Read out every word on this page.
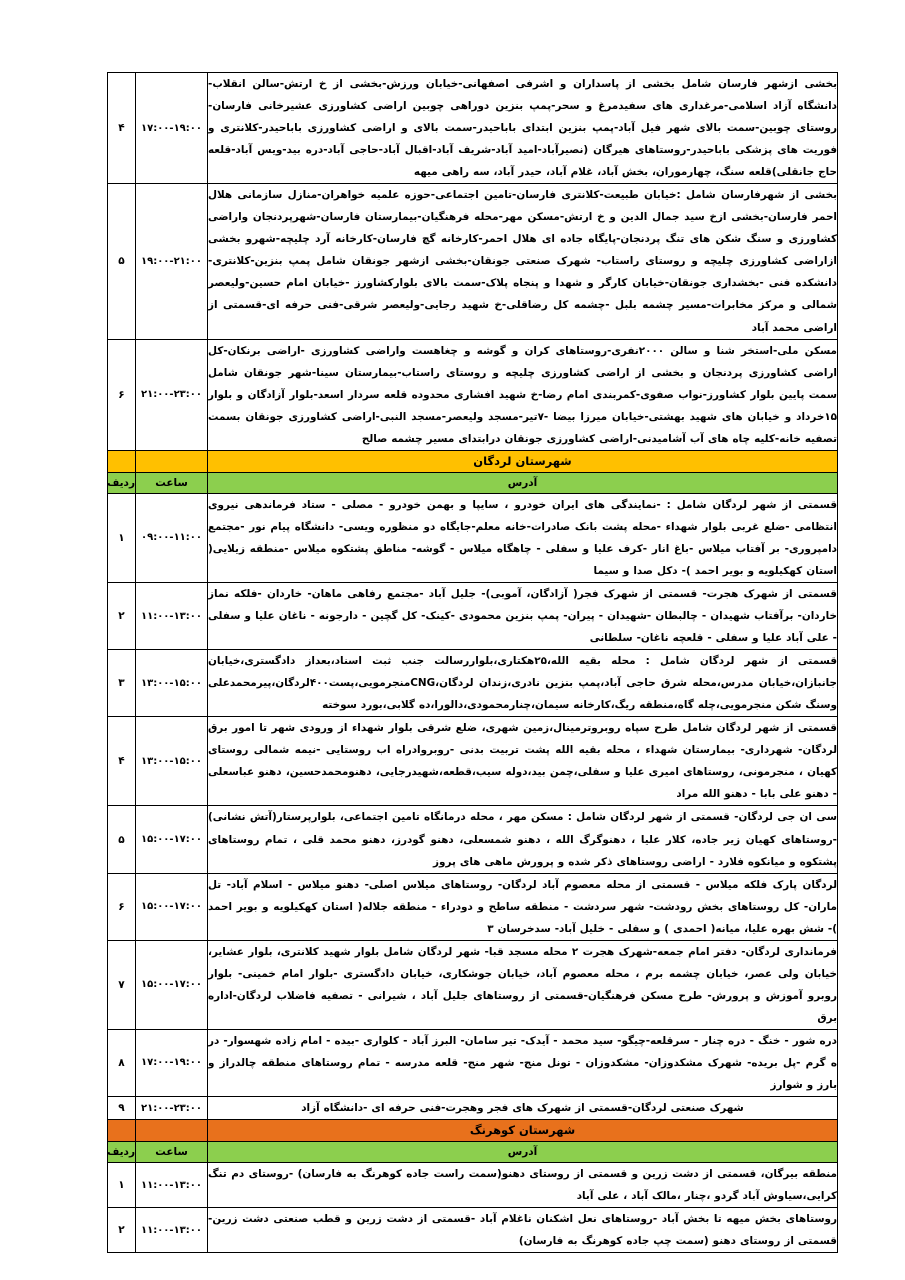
بخشی ازشهر فارسان شامل بخشی از پاسداران و اشرفی اصفهانی-خیابان ورزش-بخشی از خ ارتش-سالن انقلاب-دانشگاه آزاد اسلامی-مرغداری های سفیدمرغ و سحر-پمپ بنزین دوراهی چوبین اراضی کشاورزی عشیرخانی فارسان-روستای چوبین-سمت بالای شهر فیل آباد-پمپ بنزین ابتدای باباحیدر-سمت بالای و اراضی کشاورزی باباحیدر-کلانتری و فوریت های پزشکی باباحیدر-روستاهای هیرگان (نصیرآباد-امید آباد-شریف آباد-اقبال آباد-حاجی آباد-دره بید-ویس آباد-قلعه حاج جانقلی)قلعه سنگ، چهارموران، بخش آباد، غلام آباد، حیدر آباد، سه راهی میهه	۱۷:۰۰-۱۹:۰۰	۴
بخشی از شهرفارسان شامل :خیابان طبیعت-کلانتری فارسان-تامین اجتماعی-حوزه علمیه خواهران-منازل سازمانی هلال احمر فارسان-بخشی ازخ سید جمال الدین و خ ارتش-مسکن مهر-محله فرهنگیان-بیمارستان فارسان-شهرپردنجان واراضی کشاورزی و سنگ شکن های تنگ پردنجان-پایگاه جاده ای هلال احمر-کارخانه گچ فارسان-کارخانه آرد چلیچه-شهرو بخشی ازاراضی کشاورزی چلیچه و روستای راستاب- شهرک صنعتی جونقان-بخشی ازشهر جونقان شامل پمپ بنزین-کلانتری-دانشکده فنی -بخشداری جونقان-خیابان کارگر و شهدا و پنجاه پلاک-سمت بالای بلوارکشاورز -خیابان امام حسین-ولیعصر شمالی و مرکز مخابرات-مسیر چشمه بلبل -چشمه کل رضاقلی-خ شهید رجایی-ولیعصر شرقی-فنی حرفه ای-قسمتی از اراضی محمد آباد	۱۹:۰۰-۲۱:۰۰	۵
مسکن ملی-استخر شنا و سالن ۲۰۰۰نفری-روستاهای کران و گوشه و چغاهست واراضی کشاورزی -اراضی برنکان-کل اراضی کشاورزی پردنجان و بخشی از اراضی کشاورزی چلیچه و روستای راستاب-بیمارستان سینا-شهر جونقان شامل سمت پایین بلوار کشاورز-نواب صفوی-کمربندی امام رضا-خ شهید افشاری محدوده قلعه سردار اسعد-بلوار آزادگان و بلوار ۱۵خرداد و خیابان های شهید بهشتی-خیابان میرزا بیضا -۷تیر-مسجد ولیعصر-مسجد النبی-اراضی کشاورزی جونقان بسمت تصفیه خانه-کلیه چاه های آب آشامیدنی-اراضی کشاورزی جونقان درابتدای مسیر چشمه صالح	۲۱:۰۰-۲۳:۰۰	۶
شهرستان لردگان		
آدرس	ساعت	ردیف
قسمتی از شهر لردگان شامل : -نمایندگی های ایران خودرو ، سایپا و بهمن خودرو - مصلی - ستاد فرماندهی نیروی انتظامی -ضلع غربی بلوار شهداء -محله پشت بانک صادرات-خانه معلم-جایگاه دو منظوره ویسی- دانشگاه پیام نور -مجتمع دامپروری- بر آفتاب میلاس -باغ انار -کرف علیا و سفلی - چاهگاه میلاس - گوشه- مناطق پشتکوه میلاس -منطقه زیلایی( استان کهکیلویه و بویر احمد )- دکل صدا و سیما	۰۹:۰۰-۱۱:۰۰	۱
قسمتی از شهرک هجرت- قسمتی از شهرک فجر( آزادگان، آموبی)- جلیل آباد -مجتمع رفاهی ماهان- خاردان -فلکه نماز خاردان- برآفتاب شهیدان - چالبطان -شهیدان - پیران- پمپ بنزین محمودی -کینک- کل گچین - دارجونه - ناغان علیا و سفلی - علی آباد علیا و سفلی - قلعچه ناغان- سلطانی	۱۱:۰۰-۱۳:۰۰	۲
قسمتی از شهر لردگان شامل : محله بقیه الله،۲۵هکتاری،بلواررسالت جنب ثبت اسناد،بعداز دادگستری،خیابان جانبازان،خیابان مدرس،محله شرق حاجی آباد،پمپ بنزین نادری،زندان لردگان،CNGمنجرمویی،پست۴۰۰لردگان،پیرمحمدعلی وسنگ شکن منجرمویی،چله گاه،منطقه ریگ،کارخانه سیمان،چنارمحمودی،دالورا،ده گلابی،بورد سوخته	۱۳:۰۰-۱۵:۰۰	۳
قسمتی از شهر لردگان شامل طرح سپاه روبروترمینال،زمین شهری، ضلع شرقی بلوار شهداء از ورودی شهر تا امور برق لردگان- شهرداری- بیمارستان شهداء ، محله بقیه الله پشت تربیت بدنی -روبروادراه اب روستایی -نیمه شمالی روستای کهیان ، منجرمونی، روستاهای امیری علیا و سفلی،چمن بید،دوله سیب،قطعه،شهیدرجایی، دهنومحمدحسین، دهنو عباسعلی - دهنو علی بابا - دهنو الله مراد	۱۳:۰۰-۱۵:۰۰	۴
سی ان جی لردگان- قسمتی از شهر لردگان شامل : مسکن مهر ، محله درمانگاه تامین اجتماعی، بلوارپرستار(آتش نشانی) -روستاهای کهیان زیر جاده، کلار علیا ، دهنوگرگ الله ، دهنو شمسعلی، دهنو گودرز، دهنو محمد قلی ، تمام روستاهای پشتکوه و میانکوه فلارد - اراضی روستاهای ذکر شده و پرورش ماهی های پروز	۱۵:۰۰-۱۷:۰۰	۵
لردگان پارک فلکه میلاس - قسمتی از محله معصوم آباد لردگان- روستاهای میلاس اصلی- دهنو میلاس - اسلام آباد- تل ماران- کل روستاهای بخش رودشت- شهر سردشت - منطقه ساطح و دودراء - منطقه جلاله( استان کهکیلویه و بویر احمد )- شش بهره علیا، میانه( احمدی ) و سفلی - خلیل آباد- سدخرسان ۳	۱۵:۰۰-۱۷:۰۰	۶
فرمانداری لردگان- دفتر امام جمعه-شهرک هجرت ۲ محله مسجد قبا- شهر لردگان شامل بلوار شهید کلانتری، بلوار عشایر، خیابان ولی عصر، خیابان چشمه برم ، محله معصوم آباد، خیابان جوشکاری، خیابان دادگستری -بلوار امام خمینی- بلوار روبرو آموزش و پرورش- طرح مسکن فرهنگیان-قسمتی از روستاهای جلیل آباد ، شیرانی - تصفیه فاضلاب لردگان-اداره برق	۱۵:۰۰-۱۷:۰۰	۷
دره شور - خنگ - دره چنار - سرقلعه-چیگو- سید محمد - آیدک- تیر سامان- البرز آباد - کلواری -بیده - امام زاده شهسوار- در ه گرم -پل بریده- شهرک مشکدوزان- مشکدوزان - تونل منج- شهر منج- قلعه مدرسه - تمام روستاهای منطقه چالدراز و بارز و شوارز	۱۷:۰۰-۱۹:۰۰	۸
شهرک صنعتی لردگان-قسمتی از شهرک های فجر وهجرت-فنی حرفه ای -دانشگاه آزاد	۲۱:۰۰-۲۳:۰۰	۹
شهرستان کوهرنگ		
آدرس	ساعت	ردیف
منطقه بیرگان، قسمتی از دشت زرین و قسمتی از روستای دهنو(سمت راست جاده کوهرنگ به فارسان) -روستای دم تنگ کرایی،سیاوش آباد گردو ،چنار ،مالک آباد ، علی آباد	۱۱:۰۰-۱۳:۰۰	۱
روستاهای بخش میهه تا بخش آباد -روستاهای نعل اشکنان ناغلام آباد -قسمتی از دشت زرین و قطب صنعتی دشت زرین-قسمتی از روستای دهنو (سمت چپ جاده کوهرنگ به فارسان)	۱۱:۰۰-۱۳:۰۰	۲
